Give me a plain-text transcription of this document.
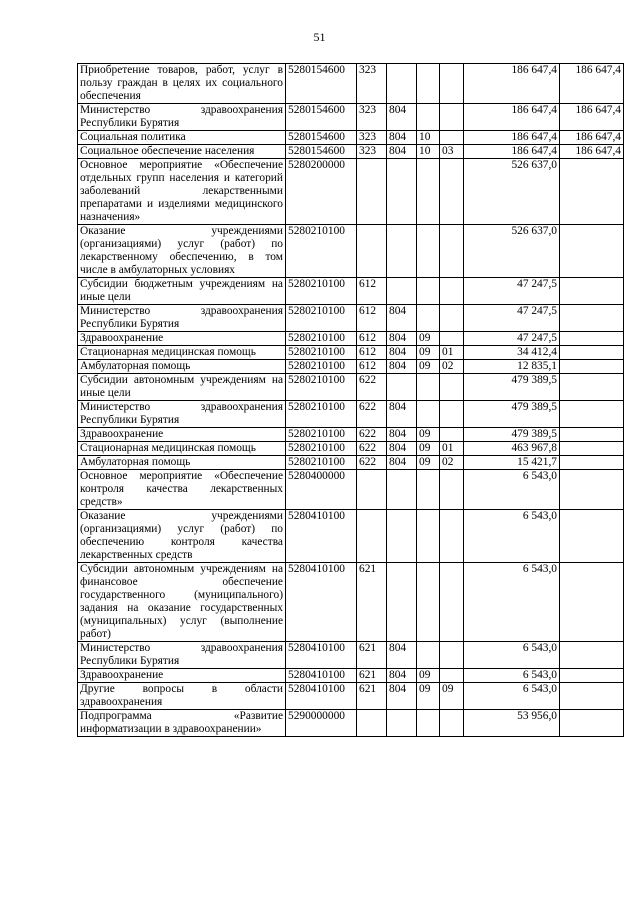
51
Приобретение товаров, работ, услуг в пользу граждан в целях их социального обеспечения	5280154600	323				186 647,4	186 647,4
Министерство здравоохранения Республики Бурятия	5280154600	323	804			186 647,4	186 647,4
Социальная политика	5280154600	323	804	10		186 647,4	186 647,4
Социальное обеспечение населения	5280154600	323	804	10	03	186 647,4	186 647,4
Основное мероприятие «Обеспечение отдельных групп населения и категорий заболеваний лекарственными препаратами и изделиями медицинского назначения»	5280200000					526 637,0	
Оказание учреждениями (организациями) услуг (работ) по лекарственному обеспечению, в том числе в амбулаторных условиях	5280210100					526 637,0	
Субсидии бюджетным учреждениям на иные цели	5280210100	612				47 247,5	
Министерство здравоохранения Республики Бурятия	5280210100	612	804			47 247,5	
Здравоохранение	5280210100	612	804	09		47 247,5	
Стационарная медицинская помощь	5280210100	612	804	09	01	34 412,4	
Амбулаторная помощь	5280210100	612	804	09	02	12 835,1	
Субсидии автономным учреждениям на иные цели	5280210100	622				479 389,5	
Министерство здравоохранения Республики Бурятия	5280210100	622	804			479 389,5	
Здравоохранение	5280210100	622	804	09		479 389,5	
Стационарная медицинская помощь	5280210100	622	804	09	01	463 967,8	
Амбулаторная помощь	5280210100	622	804	09	02	15 421,7	
Основное мероприятие «Обеспечение контроля качества лекарственных средств»	5280400000					6 543,0	
Оказание учреждениями (организациями) услуг (работ) по обеспечению контроля качества лекарственных средств	5280410100					6 543,0	
Субсидии автономным учреждениям на финансовое обеспечение государственного (муниципального) задания на оказание государственных (муниципальных) услуг (выполнение работ)	5280410100	621				6 543,0	
Министерство здравоохранения Республики Бурятия	5280410100	621	804			6 543,0	
Здравоохранение	5280410100	621	804	09		6 543,0	
Другие вопросы в области здравоохранения	5280410100	621	804	09	09	6 543,0	
Подпрограмма «Развитие информатизации в здравоохранении»	5290000000					53 956,0	
